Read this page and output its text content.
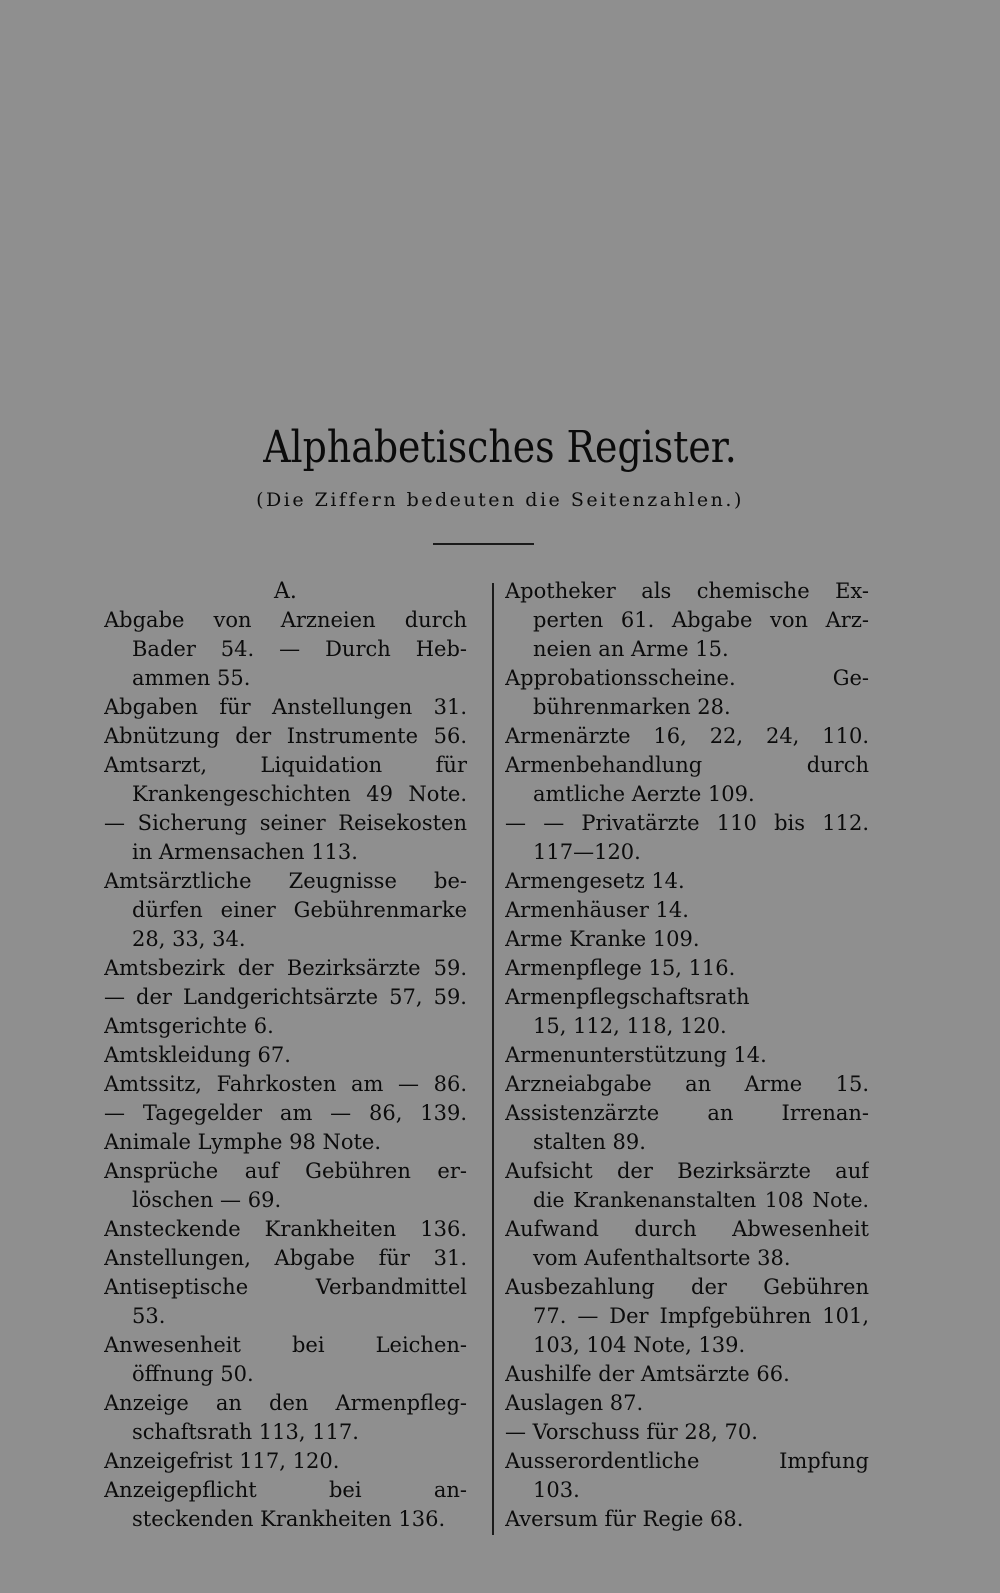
Alphabetisches Register.
(Die Ziffern bedeuten die Seitenzahlen.)
A.
Abgabe von Arzneien durch
Bader 54. — Durch Heb-
ammen 55.
Abgaben für Anstellungen 31.
Abnützung der Instrumente 56.
Amtsarzt, Liquidation für
Krankengeschichten 49 Note.
— Sicherung seiner Reisekosten
in Armensachen 113.
Amtsärztliche Zeugnisse be-
dürfen einer Gebührenmarke
28, 33, 34.
Amtsbezirk der Bezirksärzte 59.
— der Landgerichtsärzte 57, 59.
Amtsgerichte 6.
Amtskleidung 67.
Amtssitz, Fahrkosten am — 86.
— Tagegelder am — 86, 139.
Animale Lymphe 98 Note.
Ansprüche auf Gebühren er-
löschen — 69.
Ansteckende Krankheiten 136.
Anstellungen, Abgabe für 31.
Antiseptische Verbandmittel
53.
Anwesenheit bei Leichen-
öffnung 50.
Anzeige an den Armenpfleg-
schaftsrath 113, 117.
Anzeigefrist 117, 120.
Anzeigepflicht bei an-
steckenden Krankheiten 136.
Apotheker als chemische Ex-
perten 61. Abgabe von Arz-
neien an Arme 15.
Approbationsscheine. Ge-
bührenmarken 28.
Armenärzte 16, 22, 24, 110.
Armenbehandlung durch
amtliche Aerzte 109.
— — Privatärzte 110 bis 112.
117—120.
Armengesetz 14.
Armenhäuser 14.
Arme Kranke 109.
Armenpflege 15, 116.
Armenpflegschaftsrath
15, 112, 118, 120.
Armenunterstützung 14.
Arzneiabgabe an Arme 15.
Assistenzärzte an Irrenan-
stalten 89.
Aufsicht der Bezirksärzte auf
die Krankenanstalten 108 Note.
Aufwand durch Abwesenheit
vom Aufenthaltsorte 38.
Ausbezahlung der Gebühren
77. — Der Impfgebühren 101,
103, 104 Note, 139.
Aushilfe der Amtsärzte 66.
Auslagen 87.
— Vorschuss für 28, 70.
Ausserordentliche Impfung
103.
Aversum für Regie 68.
